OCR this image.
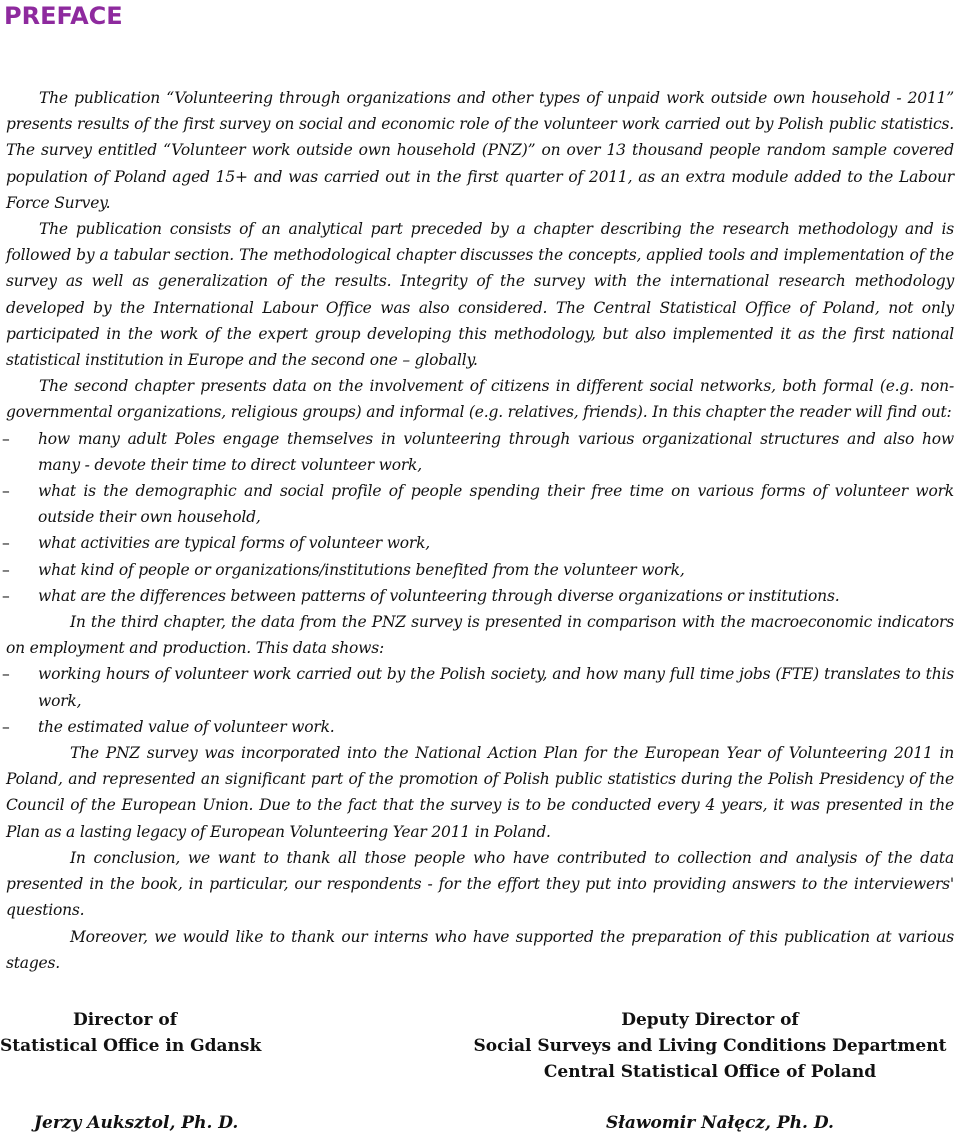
PREFACE

The publication “Volunteering through organizations and other types of unpaid work outside own household - 2011” presents results of the first survey on social and economic role of the volunteer work carried out by Polish public statistics. The survey entitled “Volunteer work outside own household (PNZ)” on over 13 thousand people random sample covered population of Poland aged 15+ and was carried out in the first quarter of 2011, as an extra module added to the Labour Force Survey.

The publication consists of an analytical part preceded by a chapter describing the research methodology and is followed by a tabular section. The methodological chapter discusses the concepts, applied tools and implementation of the survey as well as generalization of the results. Integrity of the survey with the international research methodology developed by the International Labour Office was also considered. The Central Statistical Office of Poland, not only participated in the work of the expert group developing this methodology, but also implemented it as the first national statistical institution in Europe and the second one – globally.

The second chapter presents data on the involvement of citizens in different social networks, both formal (e.g. non-governmental organizations, religious groups) and informal (e.g. relatives, friends). In this chapter the reader will find out:

– how many adult Poles engage themselves in volunteering through various organizational structures and also how many - devote their time to direct volunteer work,
– what is the demographic and social profile of people spending their free time on various forms of volunteer work outside their own household,
– what activities are typical forms of volunteer work,
– what kind of people or organizations/institutions benefited from the volunteer work,
– what are the differences between patterns of volunteering through diverse organizations or institutions.

In the third chapter, the data from the PNZ survey is presented in comparison with the macroeconomic indicators on employment and production. This data shows:

– working hours of volunteer work carried out by the Polish society, and how many full time jobs (FTE) translates to this work,
– the estimated value of volunteer work.

The PNZ survey was incorporated into the National Action Plan for the European Year of Volunteering 2011 in Poland, and represented an significant part of the promotion of Polish public statistics during the Polish Presidency of the Council of the European Union. Due to the fact that the survey is to be conducted every 4 years, it was presented in the Plan as a lasting legacy of European Volunteering Year 2011 in Poland.

In conclusion, we want to thank all those people who have contributed to collection and analysis of the data presented in the book, in particular, our respondents - for the effort they put into providing answers to the interviewers' questions.

Moreover, we would like to thank our interns who have supported the preparation of this publication at various stages.

Director of
Statistical Office in Gdansk
Deputy Director of
Social Surveys and Living Conditions Department
Central Statistical Office of Poland
Jerzy Auksztol, Ph. D.	Sławomir Nałęcz, Ph. D.
